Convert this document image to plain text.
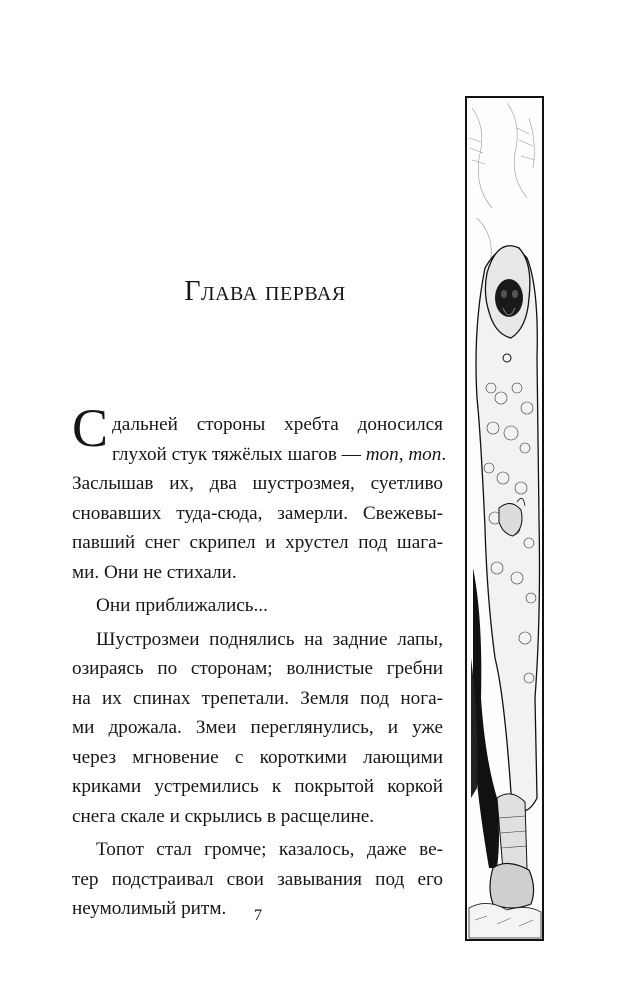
Глава первая
С дальней стороны хребта доносился
глухой стук тяжёлых шагов — топ, топ.
Заслышав их, два шустрозмея, суетливо
сновавших туда-сюда, замерли. Свежевы-
павший снег скрипел и хрустел под шага-
ми. Они не стихали.
Они приближались...
Шустрозмеи поднялись на задние лапы,
озираясь по сторонам; волнистые гребни
на их спинах трепетали. Земля под нога-
ми дрожала. Змеи переглянулись, и уже
через мгновение с короткими лающими
криками устремились к покрытой коркой
снега скале и скрылись в расщелине.
Топот стал громче; казалось, даже ве-
тер подстраивал свои завывания под его
неумолимый ритм.	7
